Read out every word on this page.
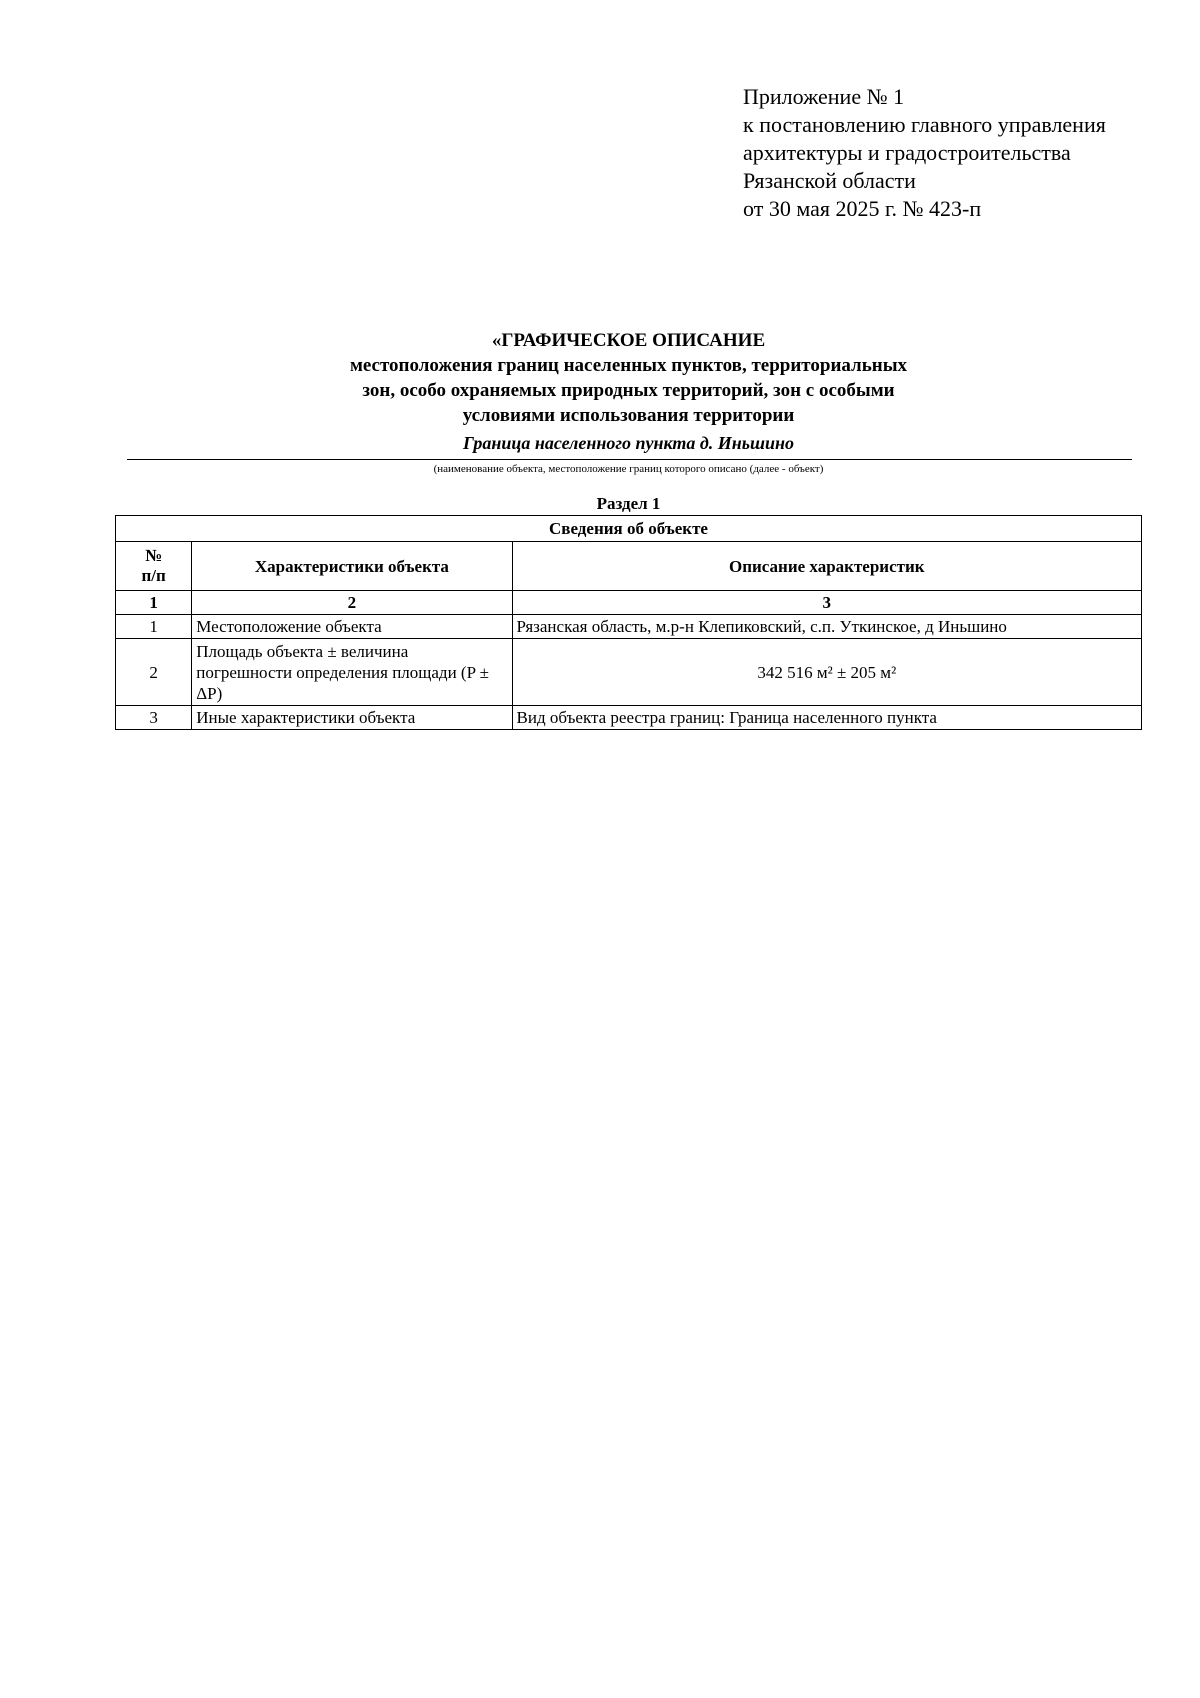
Приложение № 1
к постановлению главного управления
архитектуры и градостроительства
Рязанской области
от 30 мая 2025 г. № 423-п
«ГРАФИЧЕСКОЕ ОПИСАНИЕ
местоположения границ населенных пунктов, территориальных
зон, особо охраняемых природных территорий, зон с особыми
условиями использования территории
Граница населенного пункта д. Иньшино
(наименование объекта, местоположение границ которого описано (далее - объект)
Раздел 1
Сведения об объекте		

№
п/п	Характеристики объекта	Описание характеристик
1	2	3
1	Местоположение объекта	Рязанская область, м.р-н Клепиковский, с.п. Уткинское, д Иньшино
2	Площадь объекта ± величина погрешности определения площади (P ± ΔP)	342 516 м² ± 205 м²
3	Иные характеристики объекта	Вид объекта реестра границ: Граница населенного пункта
